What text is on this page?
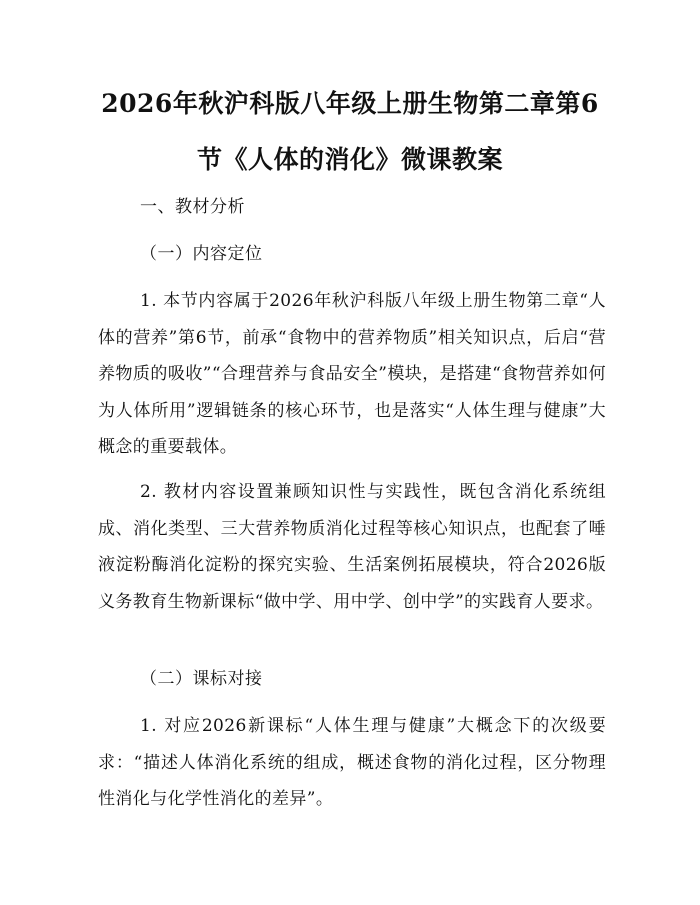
2026年秋沪科版八年级上册生物第二章第6
节《人体的消化》微课教案
一、教材分析
（一）内容定位

1. 本节内容属于2026年秋沪科版八年级上册生物第二章“人体的营养”第6节，前承“食物中的营养物质”相关知识点，后启“营养物质的吸收”“合理营养与食品安全”模块，是搭建“食物营养如何为人体所用”逻辑链条的核心环节，也是落实“人体生理与健康”大概念的重要载体。

2. 教材内容设置兼顾知识性与实践性，既包含消化系统组成、消化类型、三大营养物质消化过程等核心知识点，也配套了唾液淀粉酶消化淀粉的探究实验、生活案例拓展模块，符合2026版义务教育生物新课标“做中学、用中学、创中学”的实践育人要求。

（二）课标对接

1. 对应2026新课标“人体生理与健康”大概念下的次级要求：“描述人体消化系统的组成，概述食物的消化过程，区分物理性消化与化学性消化的差异”。
